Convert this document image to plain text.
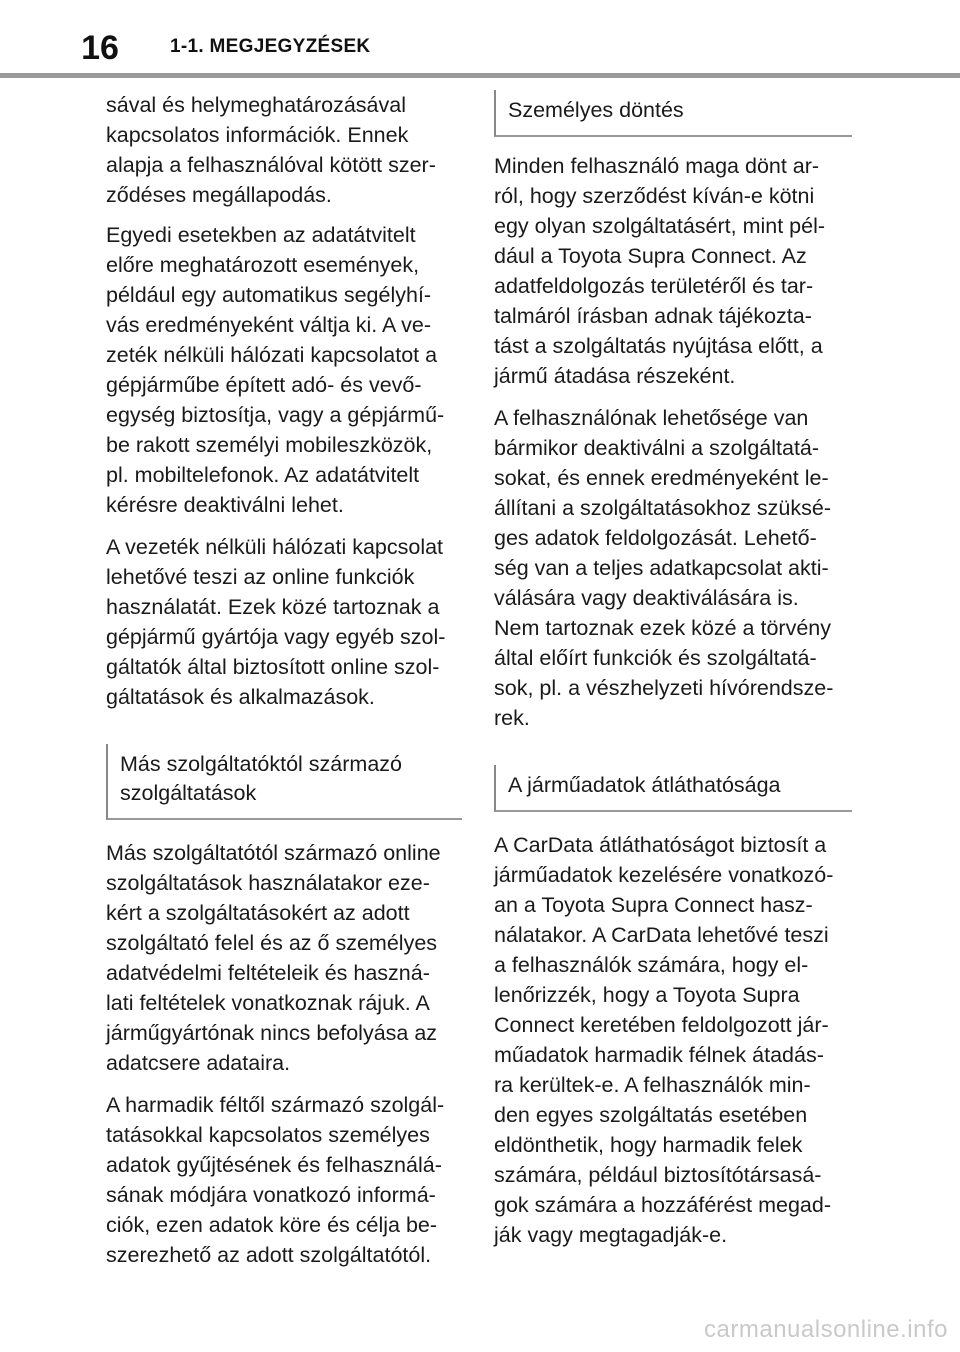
16	1-1. MEGJEGYZÉSEK

sával és helymeghatározásával
kapcsolatos információk. Ennek
alapja a felhasználóval kötött szer-
ződéses megállapodás.

Egyedi esetekben az adatátvitelt
előre meghatározott események,
például egy automatikus segélyhí-
vás eredményeként váltja ki. A ve-
zeték nélküli hálózati kapcsolatot a
gépjárműbe épített adó- és vevő-
egység biztosítja, vagy a gépjármű-
be rakott személyi mobileszközök,
pl. mobiltelefonok. Az adatátvitelt
kérésre deaktiválni lehet.

A vezeték nélküli hálózati kapcsolat
lehetővé teszi az online funkciók
használatát. Ezek közé tartoznak a
gépjármű gyártója vagy egyéb szol-
gáltatók által biztosított online szol-
gáltatások és alkalmazások.

Más szolgáltatóktól származó
szolgáltatások

Más szolgáltatótól származó online
szolgáltatások használatakor eze-
kért a szolgáltatásokért az adott
szolgáltató felel és az ő személyes
adatvédelmi feltételeik és haszná-
lati feltételek vonatkoznak rájuk. A
járműgyártónak nincs befolyása az
adatcsere adataira.

A harmadik féltől származó szolgál-
tatásokkal kapcsolatos személyes
adatok gyűjtésének és felhasználá-
sának módjára vonatkozó informá-
ciók, ezen adatok köre és célja be-
szerezhető az adott szolgáltatótól.

Személyes döntés

Minden felhasználó maga dönt ar-
ról, hogy szerződést kíván-e kötni
egy olyan szolgáltatásért, mint pél-
dául a Toyota Supra Connect. Az
adatfeldolgozás területéről és tar-
talmáról írásban adnak tájékozta-
tást a szolgáltatás nyújtása előtt, a
jármű átadása részeként.

A felhasználónak lehetősége van
bármikor deaktiválni a szolgáltatá-
sokat, és ennek eredményeként le-
állítani a szolgáltatásokhoz szüksé-
ges adatok feldolgozását. Lehető-
ség van a teljes adatkapcsolat akti-
válására vagy deaktiválására is.
Nem tartoznak ezek közé a törvény
által előírt funkciók és szolgáltatá-
sok, pl. a vészhelyzeti hívórendsze-
rek.

A járműadatok átláthatósága

A CarData átláthatóságot biztosít a
járműadatok kezelésére vonatkozó-
an a Toyota Supra Connect hasz-
nálatakor. A CarData lehetővé teszi
a felhasználók számára, hogy el-
lenőrizzék, hogy a Toyota Supra
Connect keretében feldolgozott jár-
műadatok harmadik félnek átadás-
ra kerültek-e. A felhasználók min-
den egyes szolgáltatás esetében
eldönthetik, hogy harmadik felek
számára, például biztosítótársasá-
gok számára a hozzáférést megad-
ják vagy megtagadják-e.

carmanualsonline.info
